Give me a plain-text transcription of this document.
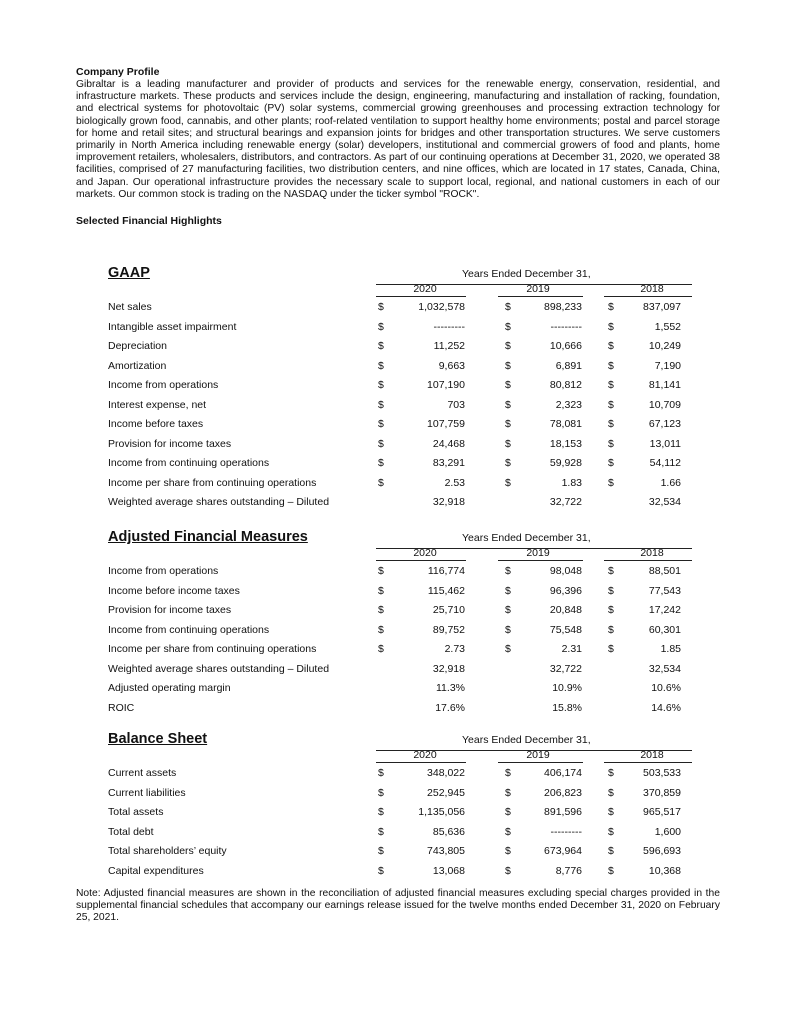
Company Profile

Gibraltar is a leading manufacturer and provider of products and services for the renewable energy, conservation, residential, and infrastructure markets. These products and services include the design, engineering, manufacturing and installation of racking, foundation, and electrical systems for photovoltaic (PV) solar systems, commercial growing greenhouses and processing extraction technology for biologically grown food, cannabis, and other plants; roof-related ventilation to support healthy home environments; postal and parcel storage for home and retail sites; and structural bearings and expansion joints for bridges and other transportation structures. We serve customers primarily in North America including renewable energy (solar) developers, institutional and commercial growers of food and plants, home improvement retailers, wholesalers, distributors, and contractors. As part of our continuing operations at December 31, 2020, we operated 38 facilities, comprised of 27 manufacturing facilities, two distribution centers, and nine offices, which are located in 17 states, Canada, China, and Japan. Our operational infrastructure provides the necessary scale to support local, regional, and national customers in each of our markets. Our common stock is trading on the NASDAQ under the ticker symbol "ROCK".

Selected Financial Highlights
GAAP	Years Ended December 31,
2020	2019	2018
Net sales	$	1,032,578	$	898,233 $	837,097
Intangible asset impairment	$	---------	$	--------- $	1,552
Depreciation	$	11,252	$	10,666 $	10,249
Amortization	$	9,663	$	6,891 $	7,190
Income from operations	$	107,190	$	80,812 $	81,141
Interest expense, net	$	703	$	2,323 $	10,709
Income before taxes	$	107,759	$	78,081 $	67,123
Provision for income taxes	$	24,468	$	18,153 $	13,011
Income from continuing operations	$	83,291	$	59,928 $	54,112
Income per share from continuing operations	$	2.53	$	1.83 $	1.66
Weighted average shares outstanding – Diluted	32,918	32,722	32,534
Adjusted Financial Measures	Years Ended December 31,
2020	2019	2018
Income from operations	$	116,774	$	98,048 $	88,501
Income before income taxes	$	115,462	$	96,396 $	77,543
Provision for income taxes	$	25,710	$	20,848 $	17,242
Income from continuing operations	$	89,752	$	75,548 $	60,301
Income per share from continuing operations	$	2.73	$	2.31 $	1.85
Weighted average shares outstanding – Diluted	32,918	32,722	32,534
Adjusted operating margin	11.3%	10.9%	10.6%
ROIC	17.6%	15.8%	14.6%
Balance Sheet	Years Ended December 31,
2020	2019	2018
Current assets	$	348,022	$	406,174 $	503,533
Current liabilities	$	252,945	$	206,823 $	370,859
Total assets	$	1,135,056	$	891,596 $	965,517
Total debt	$	85,636	$	--------- $	1,600
Total shareholders’ equity	$	743,805	$	673,964 $	596,693
Capital expenditures	$	13,068	$	8,776 $	10,368

Note: Adjusted financial measures are shown in the reconciliation of adjusted financial measures excluding special charges provided in the supplemental financial schedules that accompany our earnings release issued for the twelve months ended December 31, 2020 on February 25, 2021.
